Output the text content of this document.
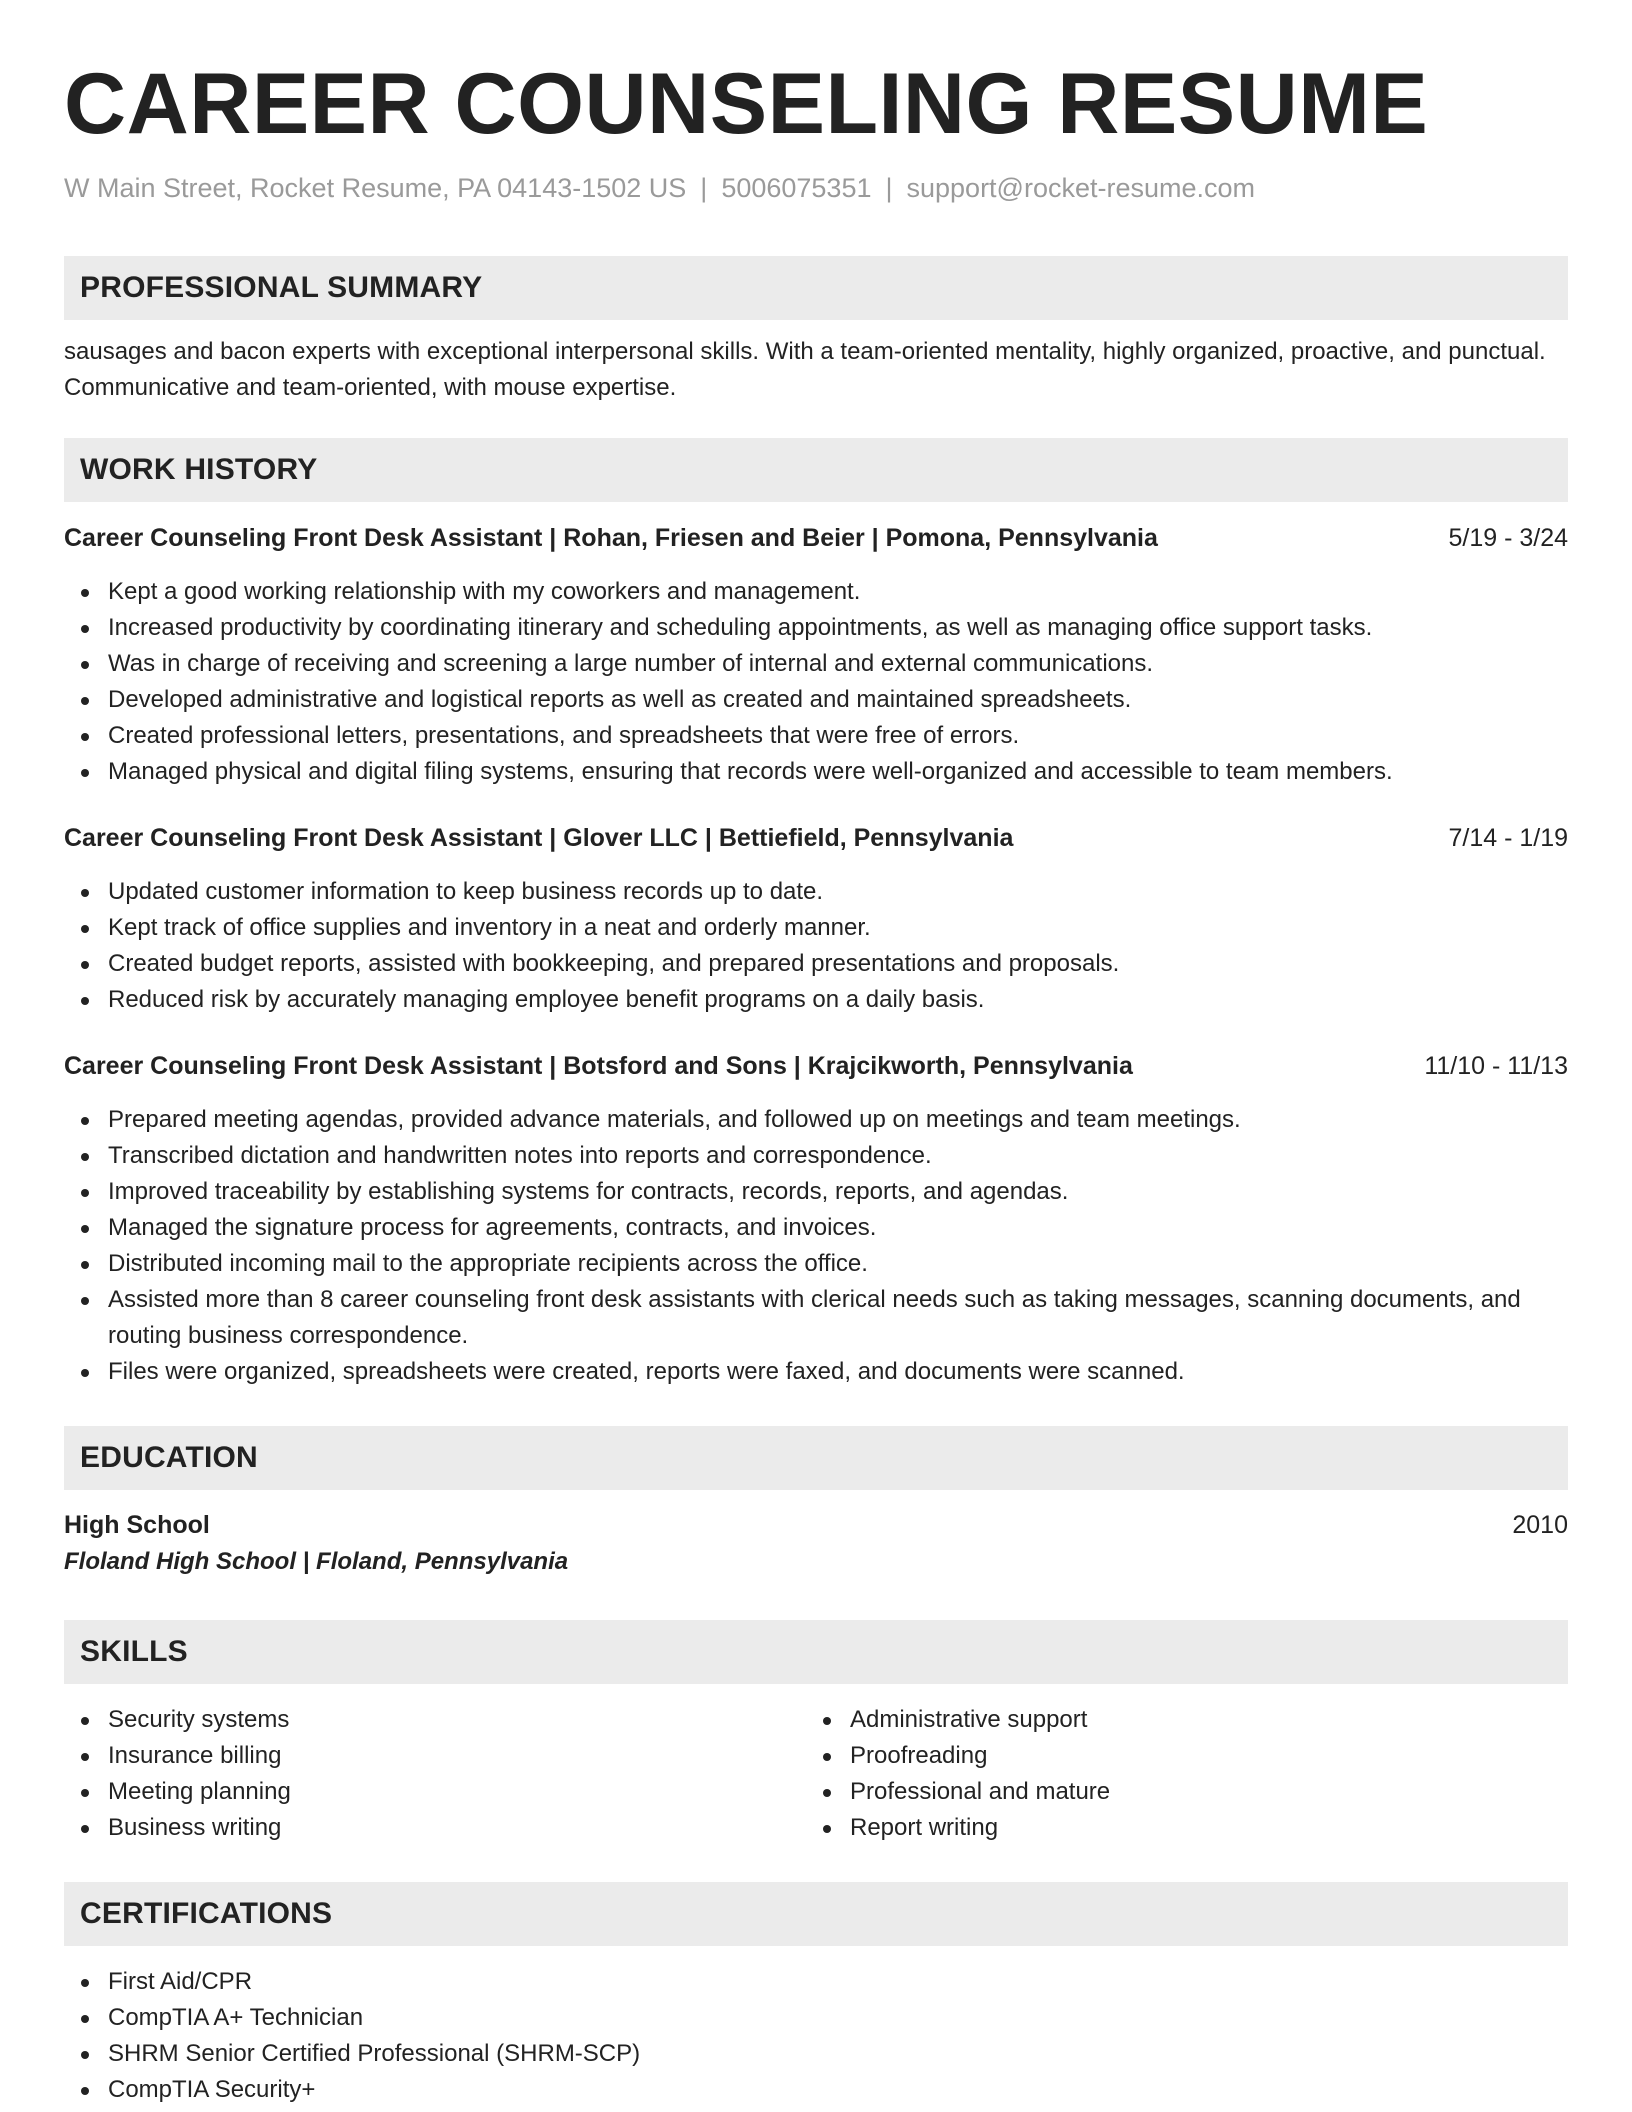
CAREER COUNSELING RESUME
W Main Street, Rocket Resume, PA 04143-1502 US | 5006075351 | support@rocket-resume.com
PROFESSIONAL SUMMARY
sausages and bacon experts with exceptional interpersonal skills. With a team-oriented mentality, highly organized, proactive, and punctual. Communicative and team-oriented, with mouse expertise.
WORK HISTORY
Career Counseling Front Desk Assistant | Rohan, Friesen and Beier | Pomona, Pennsylvania	5/19 - 3/24
Kept a good working relationship with my coworkers and management.
Increased productivity by coordinating itinerary and scheduling appointments, as well as managing office support tasks.
Was in charge of receiving and screening a large number of internal and external communications.
Developed administrative and logistical reports as well as created and maintained spreadsheets.
Created professional letters, presentations, and spreadsheets that were free of errors.
Managed physical and digital filing systems, ensuring that records were well-organized and accessible to team members.
Career Counseling Front Desk Assistant | Glover LLC | Bettiefield, Pennsylvania	7/14 - 1/19
Updated customer information to keep business records up to date.
Kept track of office supplies and inventory in a neat and orderly manner.
Created budget reports, assisted with bookkeeping, and prepared presentations and proposals.
Reduced risk by accurately managing employee benefit programs on a daily basis.
Career Counseling Front Desk Assistant | Botsford and Sons | Krajcikworth, Pennsylvania	11/10 - 11/13
Prepared meeting agendas, provided advance materials, and followed up on meetings and team meetings.
Transcribed dictation and handwritten notes into reports and correspondence.
Improved traceability by establishing systems for contracts, records, reports, and agendas.
Managed the signature process for agreements, contracts, and invoices.
Distributed incoming mail to the appropriate recipients across the office.
Assisted more than 8 career counseling front desk assistants with clerical needs such as taking messages, scanning documents, and routing business correspondence.
Files were organized, spreadsheets were created, reports were faxed, and documents were scanned.
EDUCATION
High School	2010
Floland High School | Floland, Pennsylvania
SKILLS
Security systems
Insurance billing
Meeting planning
Business writing
Administrative support
Proofreading
Professional and mature
Report writing
CERTIFICATIONS
First Aid/CPR
CompTIA A+ Technician
SHRM Senior Certified Professional (SHRM-SCP)
CompTIA Security+
